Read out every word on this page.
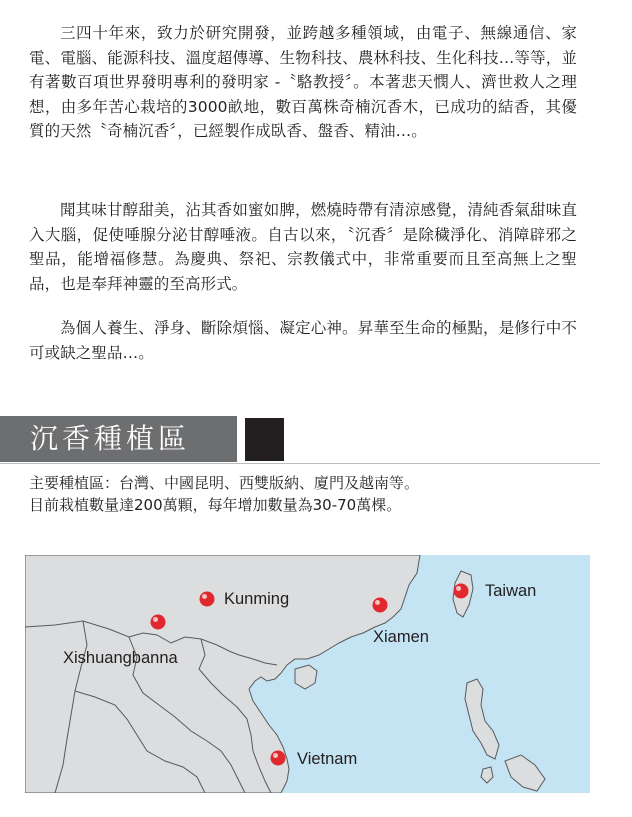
三四十年來，致力於研究開發，並跨越多種領域，由電子、無線通信、家電、電腦、能源科技、溫度超傳導、生物科技、農林科技、生化科技…等等，並有著數百項世界發明專利的發明家 -〝駱教授〞。本著悲天憫人、濟世救人之理想，由多年苦心栽培的3000畝地，數百萬株奇楠沉香木，已成功的結香，其優質的天然〝奇楠沉香〞，已經製作成臥香、盤香、精油…。

聞其味甘醇甜美，沾其香如蜜如脾，燃燒時帶有清涼感覺，清純香氣甜味直入大腦，促使唾腺分泌甘醇唾液。自古以來，〝沉香〞是除穢淨化、消障辟邪之聖品，能增福修慧。為慶典、祭祀、宗教儀式中，非常重要而且至高無上之聖品，也是奉拜神靈的至高形式。

為個人養生、淨身、斷除煩惱、凝定心神。昇華至生命的極點，是修行中不可或缺之聖品…。

沉香種植區

主要種植區：台灣、中國昆明、西雙版納、廈門及越南等。

目前栽植數量達200萬顆，每年增加數量為30-70萬棵。

Kunming
Xishuangbanna
Xiamen
Taiwan
Vietnam
